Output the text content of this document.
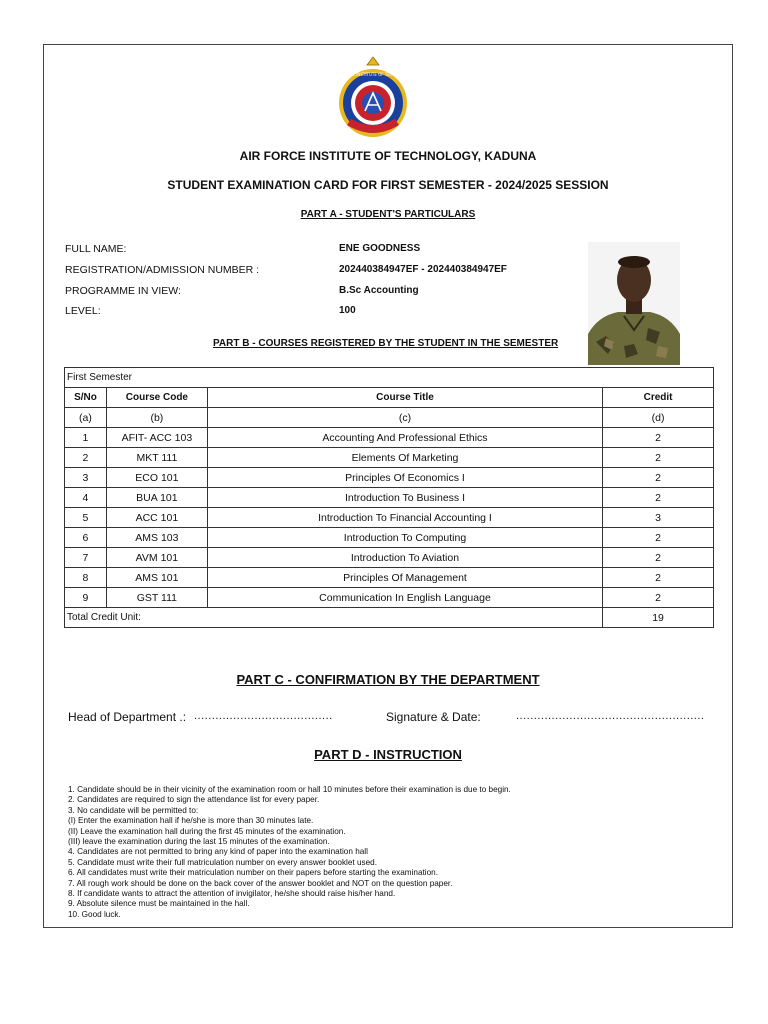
AIR FORCE INSTITUTE OF TECHNOLOGY
AIR FORCE INSTITUTE OF TECHNOLOGY, KADUNA
STUDENT EXAMINATION CARD FOR FIRST SEMESTER - 2024/2025 SESSION
PART A - STUDENT'S PARTICULARS
FULL NAME:	ENE GOODNESS
REGISTRATION/ADMISSION NUMBER :	202440384947EF - 202440384947EF
PROGRAMME IN VIEW:	B.Sc Accounting
LEVEL:	100
PART B - COURSES REGISTERED BY THE STUDENT IN THE SEMESTER
First Semester			
S/No	Course Code	Course Title	Credit
(a)	(b)	(c)	(d)
1	AFIT- ACC 103	Accounting And Professional Ethics	2
2	MKT 111	Elements Of Marketing	2
3	ECO 101	Principles Of Economics I	2
4	BUA 101	Introduction To Business I	2
5	ACC 101	Introduction To Financial Accounting I	3
6	AMS 103	Introduction To Computing	2
7	AVM 101	Introduction To Aviation	2
8	AMS 101	Principles Of Management	2
9	GST 111	Communication In English Language	2
Total Credit Unit:			19
PART C - CONFIRMATION BY THE DEPARTMENT
Head of Department .: .......................................	Signature & Date:	.....................................................
PART D - INSTRUCTION
1. Candidate should be in their vicinity of the examination room or hall 10 minutes before their examination is due to begin.
2. Candidates are required to sign the attendance list for every paper.
3. No candidate will be permitted to:
(I) Enter the examination hall if he/she is more than 30 minutes late.
(II) Leave the examination hall during the first 45 minutes of the examination.
(III) leave the examination during the last 15 minutes of the examination.
4. Candidates are not permitted to bring any kind of paper into the examination hall
5. Candidate must write their full matriculation number on every answer booklet used.
6. All candidates must write their matriculation number on their papers before starting the examination.
7. All rough work should be done on the back cover of the answer booklet and NOT on the question paper.
8. If candidate wants to attract the attention of invigilator, he/she should raise his/her hand.
9. Absolute silence must be maintained in the hall.
10. Good luck.
